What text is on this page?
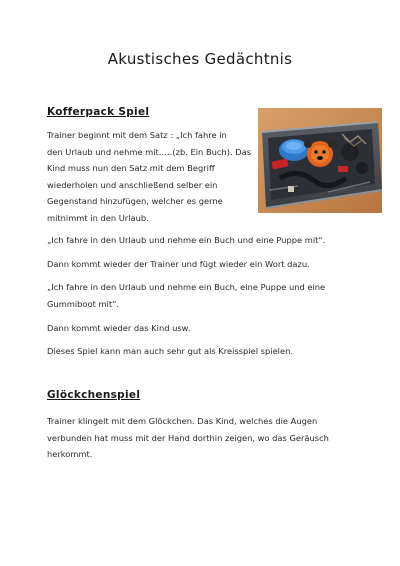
Akustisches Gedächtnis
Kofferpack Spiel
Trainer beginnt mit dem Satz : „Ich fahre in
den Urlaub und nehme mit…..(zb. Ein Buch). Das
Kind muss nun den Satz mit dem Begriff
wiederholen und anschließend selber ein
Gegenstand hinzufügen, welcher es gerne
mitnimmt in den Urlaub.
„Ich fahre in den Urlaub und nehme ein Buch und eine Puppe mit“.
Dann kommt wieder der Trainer und fügt wieder ein Wort dazu.
„Ich fahre in den Urlaub und nehme ein Buch, eine Puppe und eine
Gummiboot mit“.
Dann kommt wieder das Kind usw.
Dieses Spiel kann man auch sehr gut als Kreisspiel spielen.
Glöckchenspiel
Trainer klingelt mit dem Glöckchen. Das Kind, welches die Augen
verbunden hat muss mit der Hand dorthin zeigen, wo das Geräusch
herkommt.
